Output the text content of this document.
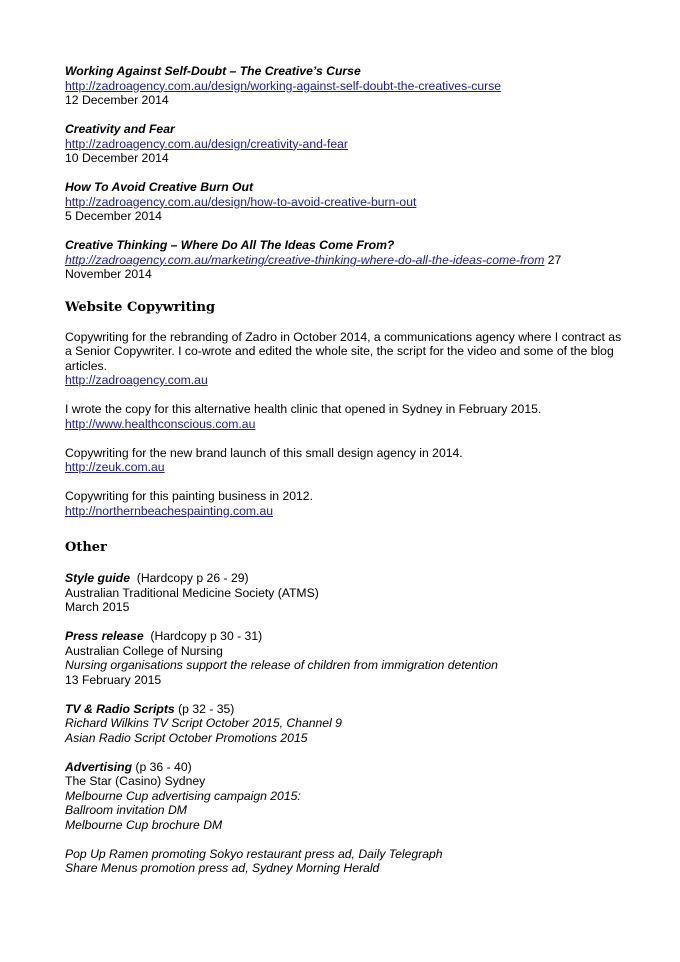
Working Against Self-Doubt – The Creative’s Curse
http://zadroagency.com.au/design/working-against-self-doubt-the-creatives-curse
12 December 2014
Creativity and Fear
http://zadroagency.com.au/design/creativity-and-fear
10 December 2014
How To Avoid Creative Burn Out
http://zadroagency.com.au/design/how-to-avoid-creative-burn-out
5 December 2014
Creative Thinking – Where Do All The Ideas Come From?
http://zadroagency.com.au/marketing/creative-thinking-where-do-all-the-ideas-come-from 27
November 2014
Website Copywriting
Copywriting for the rebranding of Zadro in October 2014, a communications agency where I contract as a Senior Copywriter. I co-wrote and edited the whole site, the script for the video and some of the blog articles.
http://zadroagency.com.au
I wrote the copy for this alternative health clinic that opened in Sydney in February 2015.
http://www.healthconscious.com.au
Copywriting for the new brand launch of this small design agency in 2014.
http://zeuk.com.au
Copywriting for this painting business in 2012.
http://northernbeachespainting.com.au
Other
Style guide  (Hardcopy p 26 - 29)
Australian Traditional Medicine Society (ATMS)
March 2015
Press release  (Hardcopy p 30 - 31)
Australian College of Nursing
Nursing organisations support the release of children from immigration detention
13 February 2015
TV & Radio Scripts (p 32 - 35)
Richard Wilkins TV Script October 2015, Channel 9
Asian Radio Script October Promotions 2015
Advertising (p 36 - 40)
The Star (Casino) Sydney
Melbourne Cup advertising campaign 2015:
Ballroom invitation DM
Melbourne Cup brochure DM
Pop Up Ramen promoting Sokyo restaurant press ad, Daily Telegraph
Share Menus promotion press ad, Sydney Morning Herald
